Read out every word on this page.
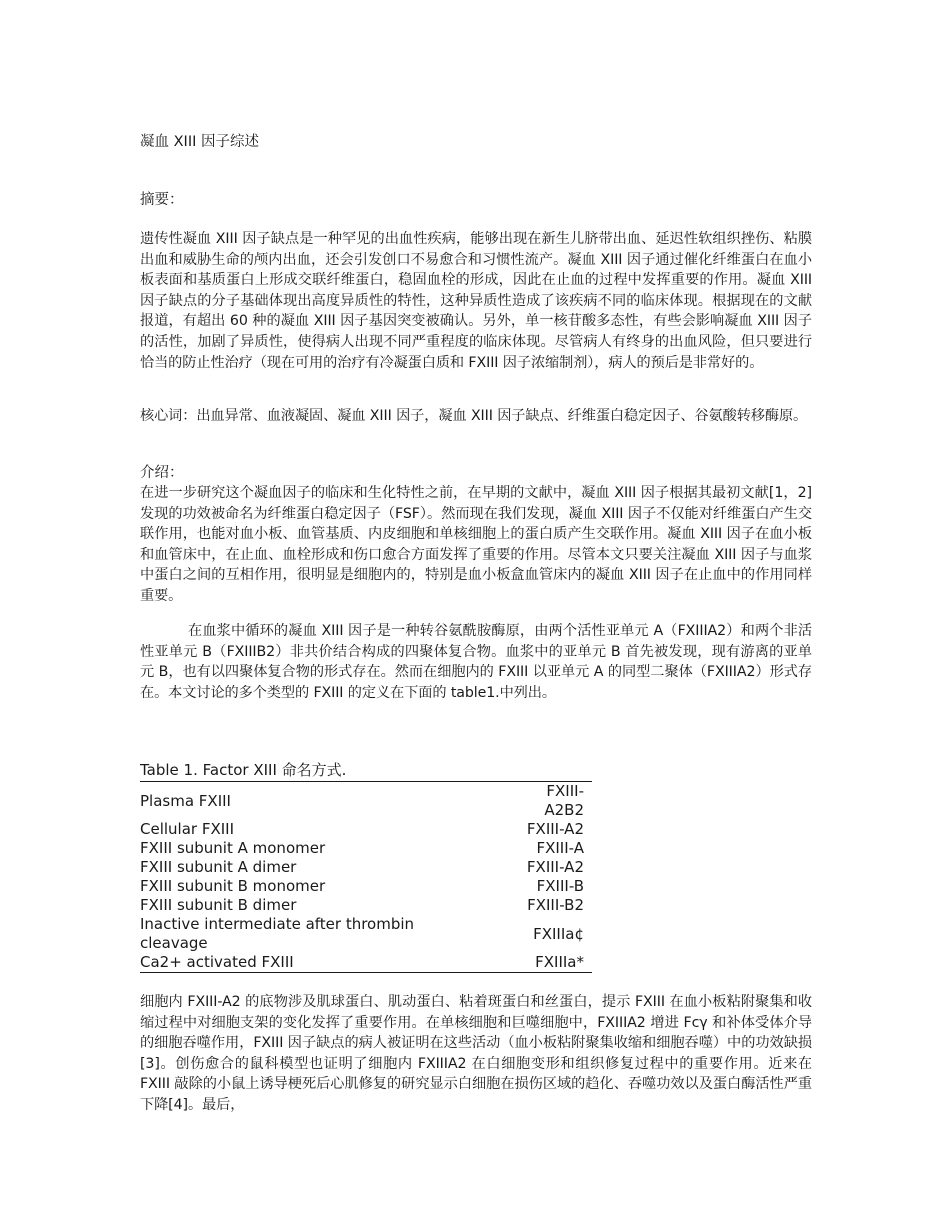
凝血 XIII 因子综述
摘要：
遗传性凝血 XIII 因子缺点是一种罕见的出血性疾病，能够出现在新生儿脐带出血、延迟性软组织挫伤、粘膜出血和威胁生命的颅内出血，还会引发创口不易愈合和习惯性流产。凝血 XIII 因子通过催化纤维蛋白在血小板表面和基质蛋白上形成交联纤维蛋白，稳固血栓的形成，因此在止血的过程中发挥重要的作用。凝血 XIII 因子缺点的分子基础体现出高度异质性的特性，这种异质性造成了该疾病不同的临床体现。根据现在的文献报道，有超出 60 种的凝血 XIII 因子基因突变被确认。另外，单一核苷酸多态性，有些会影响凝血 XIII 因子的活性，加剧了异质性，使得病人出现不同严重程度的临床体现。尽管病人有终身的出血风险，但只要进行恰当的防止性治疗（现在可用的治疗有冷凝蛋白质和 FXIII 因子浓缩制剂），病人的预后是非常好的。
核心词：出血异常、血液凝固、凝血 XIII 因子，凝血 XIII 因子缺点、纤维蛋白稳定因子、谷氨酸转移酶原。
介绍：
在进一步研究这个凝血因子的临床和生化特性之前，在早期的文献中，凝血 XIII 因子根据其最初文献[1，2]发现的功效被命名为纤维蛋白稳定因子（FSF）。然而现在我们发现，凝血 XIII 因子不仅能对纤维蛋白产生交联作用，也能对血小板、血管基质、内皮细胞和单核细胞上的蛋白质产生交联作用。凝血 XIII 因子在血小板和血管床中，在止血、血栓形成和伤口愈合方面发挥了重要的作用。尽管本文只要关注凝血 XIII 因子与血浆中蛋白之间的互相作用，很明显是细胞内的，特别是血小板盒血管床内的凝血 XIII 因子在止血中的作用同样重要。
在血浆中循环的凝血 XIII 因子是一种转谷氨酰胺酶原，由两个活性亚单元 A（FXIIIA2）和两个非活性亚单元 B（FXIIIB2）非共价结合构成的四聚体复合物。血浆中的亚单元 B 首先被发现，现有游离的亚单元 B，也有以四聚体复合物的形式存在。然而在细胞内的 FXIII 以亚单元 A 的同型二聚体（FXIIIA2）形式存在。本文讨论的多个类型的 FXIII 的定义在下面的 table1.中列出。
Table 1. Factor XIII 命名方式.
Plasma FXIII	FXIII-A2B2
Cellular FXIII	FXIII-A2
FXIII subunit A monomer	FXIII-A
FXIII subunit A dimer	FXIII-A2
FXIII subunit B monomer	FXIII-B
FXIII subunit B dimer	FXIII-B2
Inactive intermediate after thrombin cleavage	FXIIIa¢
Ca2+ activated FXIII	FXIIIa*
细胞内 FXIII-A2 的底物涉及肌球蛋白、肌动蛋白、粘着斑蛋白和丝蛋白，提示 FXIII 在血小板粘附聚集和收缩过程中对细胞支架的变化发挥了重要作用。在单核细胞和巨噬细胞中，FXIIIA2 增进 Fcγ 和补体受体介导的细胞吞噬作用，FXIII 因子缺点的病人被证明在这些活动（血小板粘附聚集收缩和细胞吞噬）中的功效缺损[3]。创伤愈合的鼠科模型也证明了细胞内 FXIIIA2 在白细胞变形和组织修复过程中的重要作用。近来在 FXIII 敲除的小鼠上诱导梗死后心肌修复的研究显示白细胞在损伤区域的趋化、吞噬功效以及蛋白酶活性严重下降[4]。最后，
